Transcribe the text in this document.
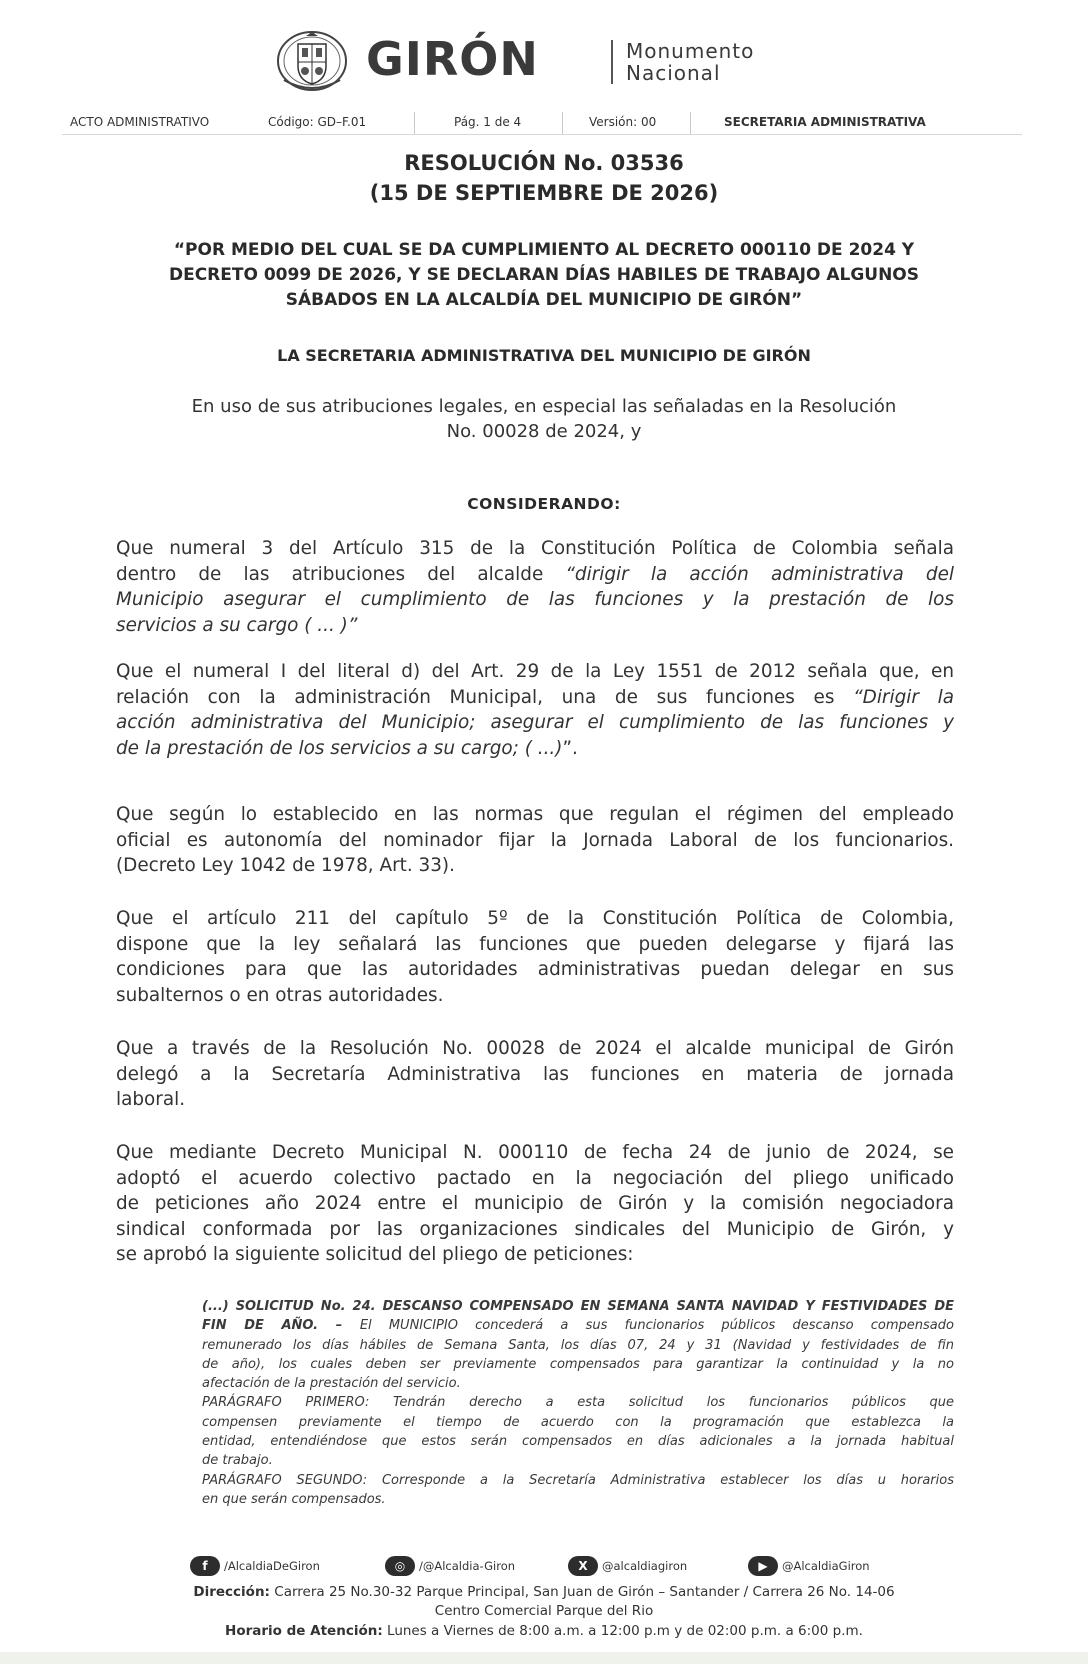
GIRÓN	Monumento
Nacional
ACTO ADMINISTRATIVO	Código: GD–F.01	Pág. 1 de 4	Versión: 00	SECRETARIA ADMINISTRATIVA
RESOLUCIÓN No. 03536
(15 DE SEPTIEMBRE DE 2026)
“POR MEDIO DEL CUAL SE DA CUMPLIMIENTO AL DECRETO 000110 DE 2024 Y
DECRETO 0099 DE 2026, Y SE DECLARAN DÍAS HABILES DE TRABAJO ALGUNOS
SÁBADOS EN LA ALCALDÍA DEL MUNICIPIO DE GIRÓN”
LA SECRETARIA ADMINISTRATIVA DEL MUNICIPIO DE GIRÓN
En uso de sus atribuciones legales, en especial las señaladas en la Resolución
No. 00028 de 2024, y
CONSIDERANDO:
Que numeral 3 del Artículo 315 de la Constitución Política de Colombia señala
dentro de las atribuciones del alcalde “dirigir la acción administrativa del
Municipio asegurar el cumplimiento de las funciones y la prestación de los
servicios a su cargo ( ... )”
Que el numeral I del literal d) del Art. 29 de la Ley 1551 de 2012 señala que, en
relación con la administración Municipal, una de sus funciones es “Dirigir la
acción administrativa del Municipio; asegurar el cumplimiento de las funciones y
de la prestación de los servicios a su cargo; ( ...)”.
Que según lo establecido en las normas que regulan el régimen del empleado
oficial es autonomía del nominador fijar la Jornada Laboral de los funcionarios.
(Decreto Ley 1042 de 1978, Art. 33).
Que el artículo 211 del capítulo 5º de la Constitución Política de Colombia,
dispone que la ley señalará las funciones que pueden delegarse y fijará las
condiciones para que las autoridades administrativas puedan delegar en sus
subalternos o en otras autoridades.
Que a través de la Resolución No. 00028 de 2024 el alcalde municipal de Girón
delegó a la Secretaría Administrativa las funciones en materia de jornada
laboral.
Que mediante Decreto Municipal N. 000110 de fecha 24 de junio de 2024, se
adoptó el acuerdo colectivo pactado en la negociación del pliego unificado
de peticiones año 2024 entre el municipio de Girón y la comisión negociadora
sindical conformada por las organizaciones sindicales del Municipio de Girón, y
se aprobó la siguiente solicitud del pliego de peticiones:
(...) SOLICITUD No. 24. DESCANSO COMPENSADO EN SEMANA SANTA NAVIDAD Y FESTIVIDADES DE
FIN DE AÑO. – El MUNICIPIO concederá a sus funcionarios públicos descanso compensado
remunerado los días hábiles de Semana Santa, los días 07, 24 y 31 (Navidad y festividades de fin
de año), los cuales deben ser previamente compensados para garantizar la continuidad y la no
afectación de la prestación del servicio.
PARÁGRAFO PRIMERO: Tendrán derecho a esta solicitud los funcionarios públicos que
compensen previamente el tiempo de acuerdo con la programación que establezca la
entidad, entendiéndose que estos serán compensados en días adicionales a la jornada habitual
de trabajo.
PARÁGRAFO SEGUNDO: Corresponde a la Secretaría Administrativa establecer los días u horarios
en que serán compensados.
f /AlcaldiaDeGiron	◎ /@Alcaldia-Giron	X @alcaldiagiron	▶ @AlcaldiaGiron
Dirección: Carrera 25 No.30-32 Parque Principal, San Juan de Girón – Santander / Carrera 26 No. 14-06
Centro Comercial Parque del Rio
Horario de Atención: Lunes a Viernes de 8:00 a.m. a 12:00 p.m y de 02:00 p.m. a 6:00 p.m.
